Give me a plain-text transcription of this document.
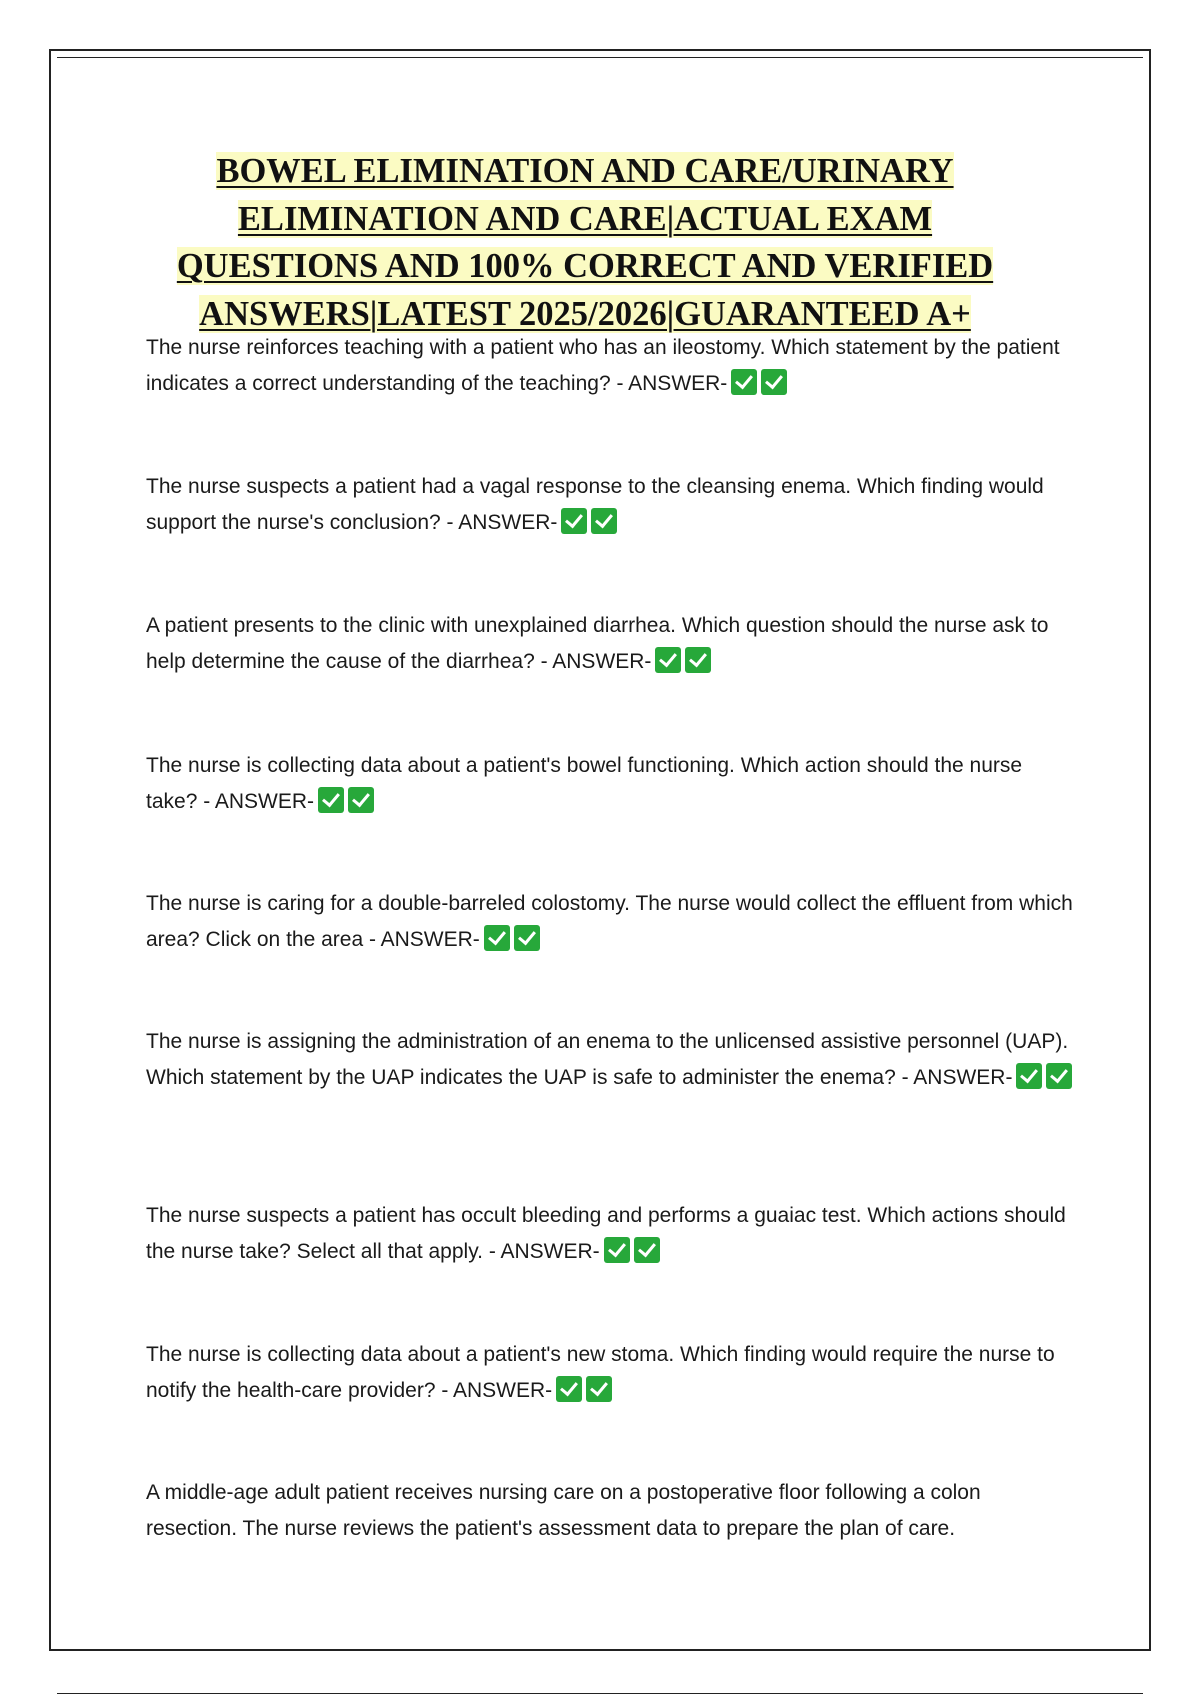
BOWEL ELIMINATION AND CARE/URINARY
ELIMINATION AND CARE|ACTUAL EXAM
QUESTIONS AND 100% CORRECT AND VERIFIED
ANSWERS|LATEST 2025/2026|GUARANTEED A+
The nurse reinforces teaching with a patient who has an ileostomy. Which statement by the patient indicates a correct understanding of the teaching? - ANSWER-
The nurse suspects a patient had a vagal response to the cleansing enema. Which finding would support the nurse's conclusion? - ANSWER-
A patient presents to the clinic with unexplained diarrhea. Which question should the nurse ask to help determine the cause of the diarrhea? - ANSWER-
The nurse is collecting data about a patient's bowel functioning. Which action should the nurse take? - ANSWER-
The nurse is caring for a double-barreled colostomy. The nurse would collect the effluent from which area? Click on the area - ANSWER-
The nurse is assigning the administration of an enema to the unlicensed assistive personnel (UAP). Which statement by the UAP indicates the UAP is safe to administer the enema? - ANSWER-
The nurse suspects a patient has occult bleeding and performs a guaiac test. Which actions should the nurse take? Select all that apply. - ANSWER-
The nurse is collecting data about a patient's new stoma. Which finding would require the nurse to notify the health-care provider? - ANSWER-
A middle-age adult patient receives nursing care on a postoperative floor following a colon resection. The nurse reviews the patient's assessment data to prepare the plan of care.
